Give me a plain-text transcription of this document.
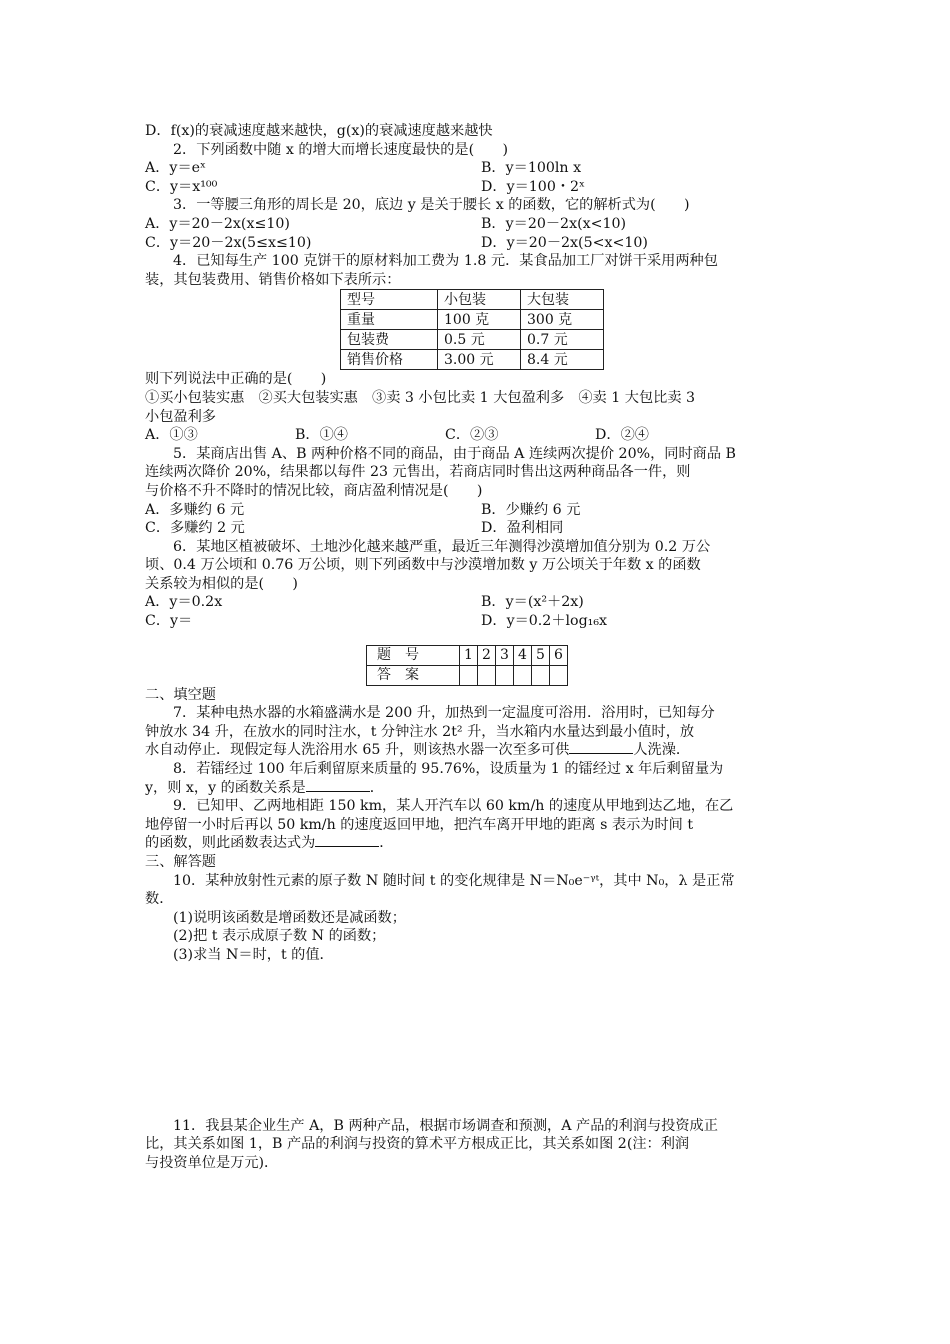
D．f(x)的衰减速度越来越快，g(x)的衰减速度越来越快
2．下列函数中随 x 的增大而增长速度最快的是(　　)
A．y＝eˣ	B．y＝100ln x
C．y＝x¹⁰⁰	D．y＝100・2ˣ
3．一等腰三角形的周长是 20，底边 y 是关于腰长 x 的函数，它的解析式为(　　)
A．y＝20－2x(x≤10)	B．y＝20－2x(x<10)
C．y＝20－2x(5≤x≤10)	D．y＝20－2x(5<x<10)
4．已知每生产 100 克饼干的原材料加工费为 1.8 元．某食品加工厂对饼干采用两种包
装，其包装费用、销售价格如下表所示：
型号	小包装	大包装
重量	100 克	300 克
包装费	0.5 元	0.7 元
销售价格	3.00 元	8.4 元
则下列说法中正确的是(　　)
①买小包装实惠　②买大包装实惠　③卖 3 小包比卖 1 大包盈利多　④卖 1 大包比卖 3
小包盈利多
A．①③	B．①④	C．②③	D．②④
5．某商店出售 A、B 两种价格不同的商品，由于商品 A 连续两次提价 20%，同时商品 B
连续两次降价 20%，结果都以每件 23 元售出，若商店同时售出这两种商品各一件，则
与价格不升不降时的情况比较，商店盈利情况是(　　)
A．多赚约 6 元	B．少赚约 6 元
C．多赚约 2 元	D．盈利相同
6．某地区植被破坏、土地沙化越来越严重，最近三年测得沙漠增加值分别为 0.2 万公
顷、0.4 万公顷和 0.76 万公顷，则下列函数中与沙漠增加数 y 万公顷关于年数 x 的函数
关系较为相似的是(　　)
A．y＝0.2x	B．y＝(x²＋2x)
C．y＝	D．y＝0.2＋log₁₆x
题号	1	2	3	4	5	6
答案						
二、填空题
7．某种电热水器的水箱盛满水是 200 升，加热到一定温度可浴用．浴用时，已知每分
钟放水 34 升，在放水的同时注水，t 分钟注水 2t² 升，当水箱内水量达到最小值时，放
水自动停止．现假定每人洗浴用水 65 升，则该热水器一次至多可供	人洗澡．
8．若镭经过 100 年后剩留原来质量的 95.76%，设质量为 1 的镭经过 x 年后剩留量为
y，则 x，y 的函数关系是	．
9．已知甲、乙两地相距 150 km，某人开汽车以 60 km/h 的速度从甲地到达乙地，在乙
地停留一小时后再以 50 km/h 的速度返回甲地，把汽车离开甲地的距离 s 表示为时间 t
的函数，则此函数表达式为	．
三、解答题
10．某种放射性元素的原子数 N 随时间 t 的变化规律是 N＝N₀e⁻ᵞᵗ，其中 N₀，λ 是正常
数．
(1)说明该函数是增函数还是减函数；
(2)把 t 表示成原子数 N 的函数；
(3)求当 N＝时，t 的值．
11．我县某企业生产 A，B 两种产品，根据市场调查和预测，A 产品的利润与投资成正
比，其关系如图 1，B 产品的利润与投资的算术平方根成正比，其关系如图 2(注：利润
与投资单位是万元)．
